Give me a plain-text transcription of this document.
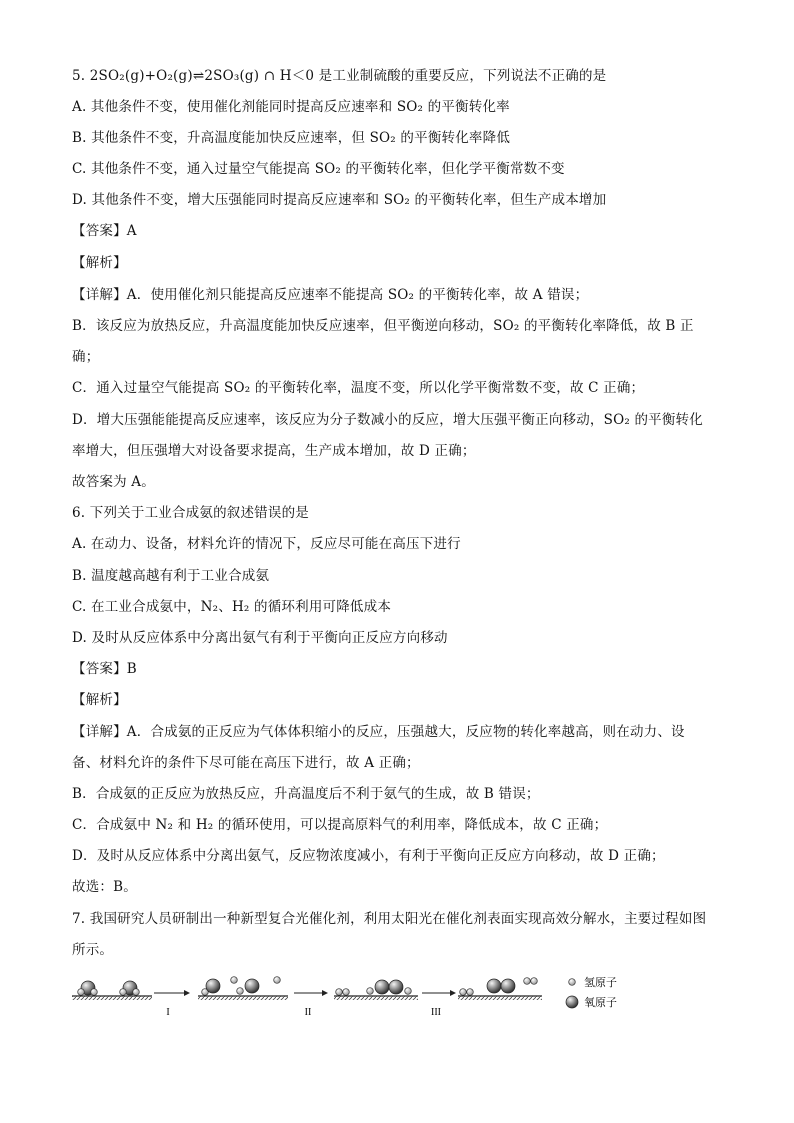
5. 2SO₂(g)+O₂(g)⇌2SO₃(g) ∩ H＜0 是工业制硫酸的重要反应，下列说法不正确的是
A. 其他条件不变，使用催化剂能同时提高反应速率和 SO₂ 的平衡转化率
B. 其他条件不变，升高温度能加快反应速率，但 SO₂ 的平衡转化率降低
C. 其他条件不变，通入过量空气能提高 SO₂ 的平衡转化率，但化学平衡常数不变
D. 其他条件不变，增大压强能同时提高反应速率和 SO₂ 的平衡转化率，但生产成本增加
【答案】A
【解析】
【详解】A．使用催化剂只能提高反应速率不能提高 SO₂ 的平衡转化率，故 A 错误；
B．该反应为放热反应，升高温度能加快反应速率，但平衡逆向移动，SO₂ 的平衡转化率降低，故 B 正
确；
C．通入过量空气能提高 SO₂ 的平衡转化率，温度不变，所以化学平衡常数不变，故 C 正确；
D．增大压强能能提高反应速率，该反应为分子数减小的反应，增大压强平衡正向移动，SO₂ 的平衡转化
率增大，但压强增大对设备要求提高，生产成本增加，故 D 正确；
故答案为 A。
6. 下列关于工业合成氨的叙述错误的是
A. 在动力、设备，材料允许的情况下，反应尽可能在高压下进行
B. 温度越高越有利于工业合成氨
C. 在工业合成氨中，N₂、H₂ 的循环利用可降低成本
D. 及时从反应体系中分离出氨气有利于平衡向正反应方向移动
【答案】B
【解析】
【详解】A．合成氨的正反应为气体体积缩小的反应，压强越大，反应物的转化率越高，则在动力、设
备、材料允许的条件下尽可能在高压下进行，故 A 正确；
B．合成氨的正反应为放热反应，升高温度后不利于氨气的生成，故 B 错误；
C．合成氨中 N₂ 和 H₂ 的循环使用，可以提高原料气的利用率，降低成本，故 C 正确；
D．及时从反应体系中分离出氨气，反应物浓度减小，有利于平衡向正反应方向移动，故 D 正确；
故选：B。
7. 我国研究人员研制出一种新型复合光催化剂，利用太阳光在催化剂表面实现高效分解水，主要过程如图
所示。
I	II	III
氢原子
氧原子
